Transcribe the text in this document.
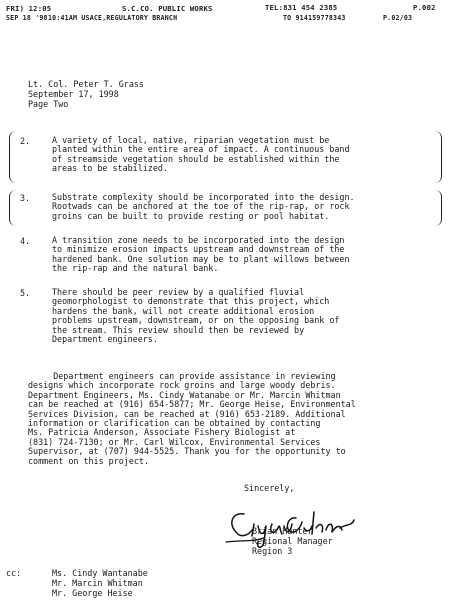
FRI) 12:05	S.C.CO. PUBLIC WORKS	TEL:831 454 2385	P.002
SEP 18 '98 10:41AM USACE,REGULATORY BRANCH	TO 914159778343	P.02/03
Lt. Col. Peter T. Grass
September 17, 1998
Page Two
2.	A variety of local, native, riparian vegetation must be
planted within the entire area of impact. A continuous band
of streamside vegetation should be established within the
areas to be stabilized.
3.	Substrate complexity should be incorporated into the design.
Rootwads can be anchored at the toe of the rip-rap, or rock
groins can be built to provide resting or pool habitat.
4.	A transition zone needs to be incorporated into the design
to minimize erosion impacts upstream and downstream of the
hardened bank. One solution may be to plant willows between
the rip-rap and the natural bank.
5.	There should be peer review by a qualified fluvial
geomorphologist to demonstrate that this project, which
hardens the bank, will not create additional erosion
problems upstream, downstream, or on the opposing bank of
the stream. This review should then be reviewed by
Department engineers.
Department engineers can provide assistance in reviewing
designs which incorporate rock groins and large woody debris.
Department Engineers, Ms. Cindy Watanabe or Mr. Marcin Whitman
can be reached at (916) 654-5877; Mr. George Heise, Environmental
Services Division, can be reached at (916) 653-2189. Additional
information or clarification can be obtained by contacting
Ms. Patricia Anderson, Associate Fishery Biologist at
(831) 724-7130; or Mr. Carl Wilcox, Environmental Services
Supervisor, at (707) 944-5525. Thank you for the opportunity to
comment on this project.
Sincerely,
Brian Hunter
Regional Manager
Region 3
cc:	Ms. Cindy Wantanabe
Mr. Marcin Whitman
Mr. George Heise
